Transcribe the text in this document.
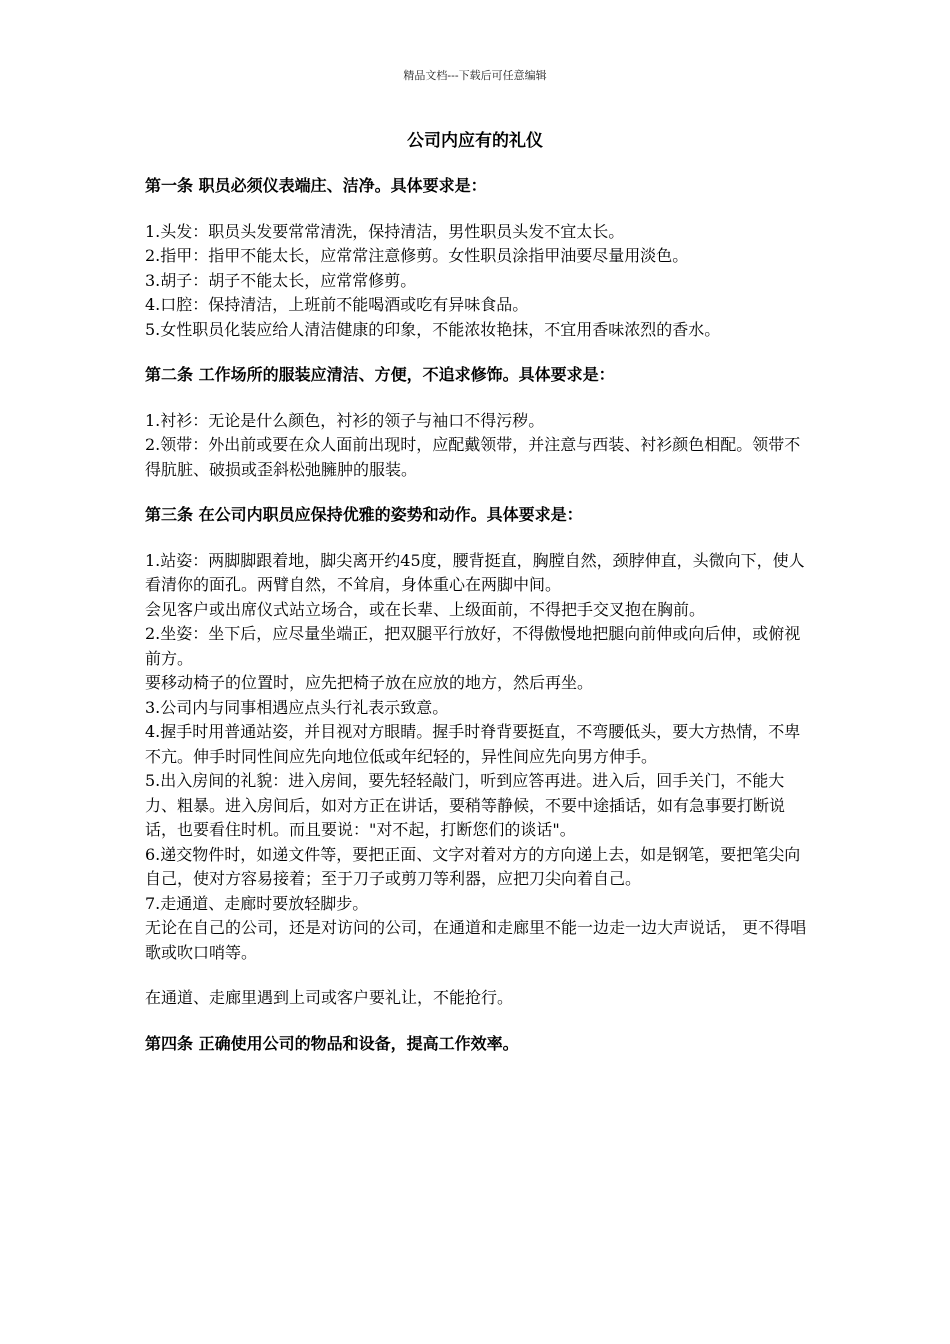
精品文档---下载后可任意编辑
公司内应有的礼仪
第一条 职员必须仪表端庄、洁净。具体要求是：

1.头发：职员头发要常常清洗，保持清洁，男性职员头发不宜太长。

2.指甲：指甲不能太长，应常常注意修剪。女性职员涂指甲油要尽量用淡色。

3.胡子：胡子不能太长，应常常修剪。

4.口腔：保持清洁，上班前不能喝酒或吃有异味食品。

5.女性职员化装应给人清洁健康的印象，不能浓妆艳抹，不宜用香味浓烈的香水。

第二条 工作场所的服装应清洁、方便，不追求修饰。具体要求是：

1.衬衫：无论是什么颜色，衬衫的领子与袖口不得污秽。

2.领带：外出前或要在众人面前出现时，应配戴领带，并注意与西装、衬衫颜色相配。领带不得肮脏、破损或歪斜松弛臃肿的服装。

第三条 在公司内职员应保持优雅的姿势和动作。具体要求是：

1.站姿：两脚脚跟着地，脚尖离开约45度，腰背挺直，胸膛自然，颈脖伸直，头微向下，使人看清你的面孔。两臂自然，不耸肩，身体重心在两脚中间。

会见客户或出席仪式站立场合，或在长辈、上级面前，不得把手交叉抱在胸前。

2.坐姿：坐下后，应尽量坐端正，把双腿平行放好，不得傲慢地把腿向前伸或向后伸，或俯视前方。

要移动椅子的位置时，应先把椅子放在应放的地方，然后再坐。

3.公司内与同事相遇应点头行礼表示致意。

4.握手时用普通站姿，并目视对方眼睛。握手时脊背要挺直，不弯腰低头，要大方热情，不卑不亢。伸手时同性间应先向地位低或年纪轻的，异性间应先向男方伸手。

5.出入房间的礼貌：进入房间，要先轻轻敲门，听到应答再进。进入后，回手关门，不能大力、粗暴。进入房间后，如对方正在讲话，要稍等静候，不要中途插话，如有急事要打断说话，也要看住时机。而且要说："对不起，打断您们的谈话"。

6.递交物件时，如递文件等，要把正面、文字对着对方的方向递上去，如是钢笔，要把笔尖向自己，使对方容易接着；至于刀子或剪刀等利器，应把刀尖向着自己。

7.走通道、走廊时要放轻脚步。

无论在自己的公司，还是对访问的公司，在通道和走廊里不能一边走一边大声说话， 更不得唱歌或吹口哨等。

在通道、走廊里遇到上司或客户要礼让，不能抢行。

第四条 正确使用公司的物品和设备，提高工作效率。
